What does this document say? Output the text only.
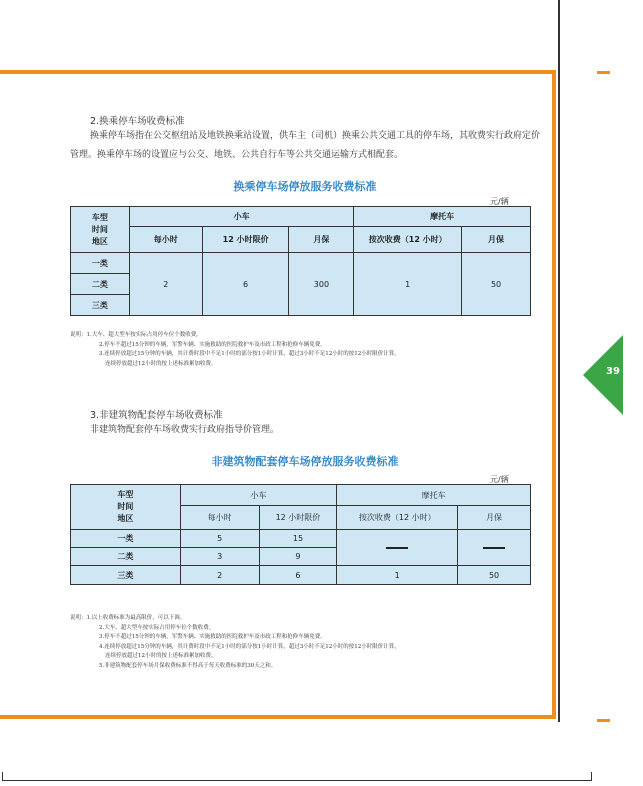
39
2.换乘停车场收费标准
换乘停车场指在公交枢纽站及地铁换乘站设置，供车主（司机）换乘公共交通工具的停车场，其收费实行政府定价管理。换乘停车场的设置应与公交、地铁、公共自行车等公共交通运输方式相配套。
换乘停车场停放服务收费标准
元/辆
车型
时间
地区	小车			摩托车	
	每小时	12 小时限价	月保	按次收费（12 小时）	月保
一类	2	6	300	1	50
二类					
三类					
说明：1.大车、超大型车按实际占用停车位个数收费。
2.停车不超过15分钟的车辆，军警车辆、实施救助的医院救护车及市政工程和抢修车辆免费。
3.连续停放超过15分钟的车辆，其计费时段中不足1小时的部分按1小时计算，超过3小时不足12小时的按12小时限价计算，
连续停放超过12小时的按上述标准累加收费。
3.非建筑物配套停车场收费标准
非建筑物配套停车场收费实行政府指导价管理。
非建筑物配套停车场停放服务收费标准
元/辆
车型
时间
地区	小车		摩托车	
	每小时	12 小时限价	按次收费（12 小时）	月保
一类	5	15		
二类	3	9		
三类	2	6	1	50
说明：1.以上收费标准为最高限价，可以下调。
2.大车、超大型车按实际占用停车位个数收费。
3.停车不超过15分钟的车辆，军警车辆、实施救助的医院救护车及市政工程和抢修车辆免费。
4.连续停放超过15分钟的车辆，其计费时段中不足1小时的部分按1小时计算，超过3小时不足12小时的按12小时限价计算，
连续停放超过12小时的按上述标准累加收费。
5.非建筑物配套停车场月保收费标准不得高于每天收费标准的30天之和。
